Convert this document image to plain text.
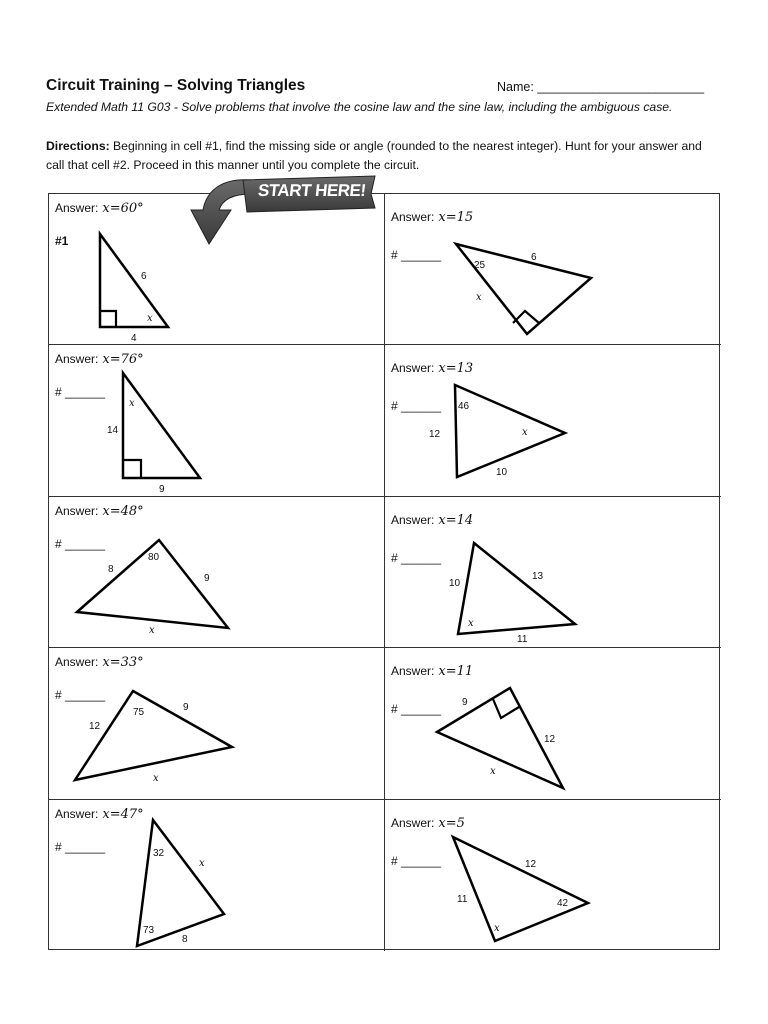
Circuit Training – Solving Triangles	Name: ________________________
Extended Math 11 G03 - Solve problems that involve the cosine law and the sine law, including the ambiguous case.
Directions: Beginning in cell #1, find the missing side or angle (rounded to the nearest integer). Hunt for your answer and call that cell #2. Proceed in this manner until you complete the circuit.
Answer: x=60°
#1
6
x
4
Answer: x=15
# ______
25
6
x
Answer: x=76°
# ______
x
14
9
Answer: x=13
# ______ 46
12	x
10
Answer: x=48°
# ______
80
8
9
x
Answer: x=14
# ______
13
10
x
11
Answer: x=33°
# ______
75	9
12
x
Answer: x=11
# ______ 9
12
x
Answer: x=47°
# ______	32
x
73
8
Answer: x=5
# ______	12
11	42
x
START HERE!
